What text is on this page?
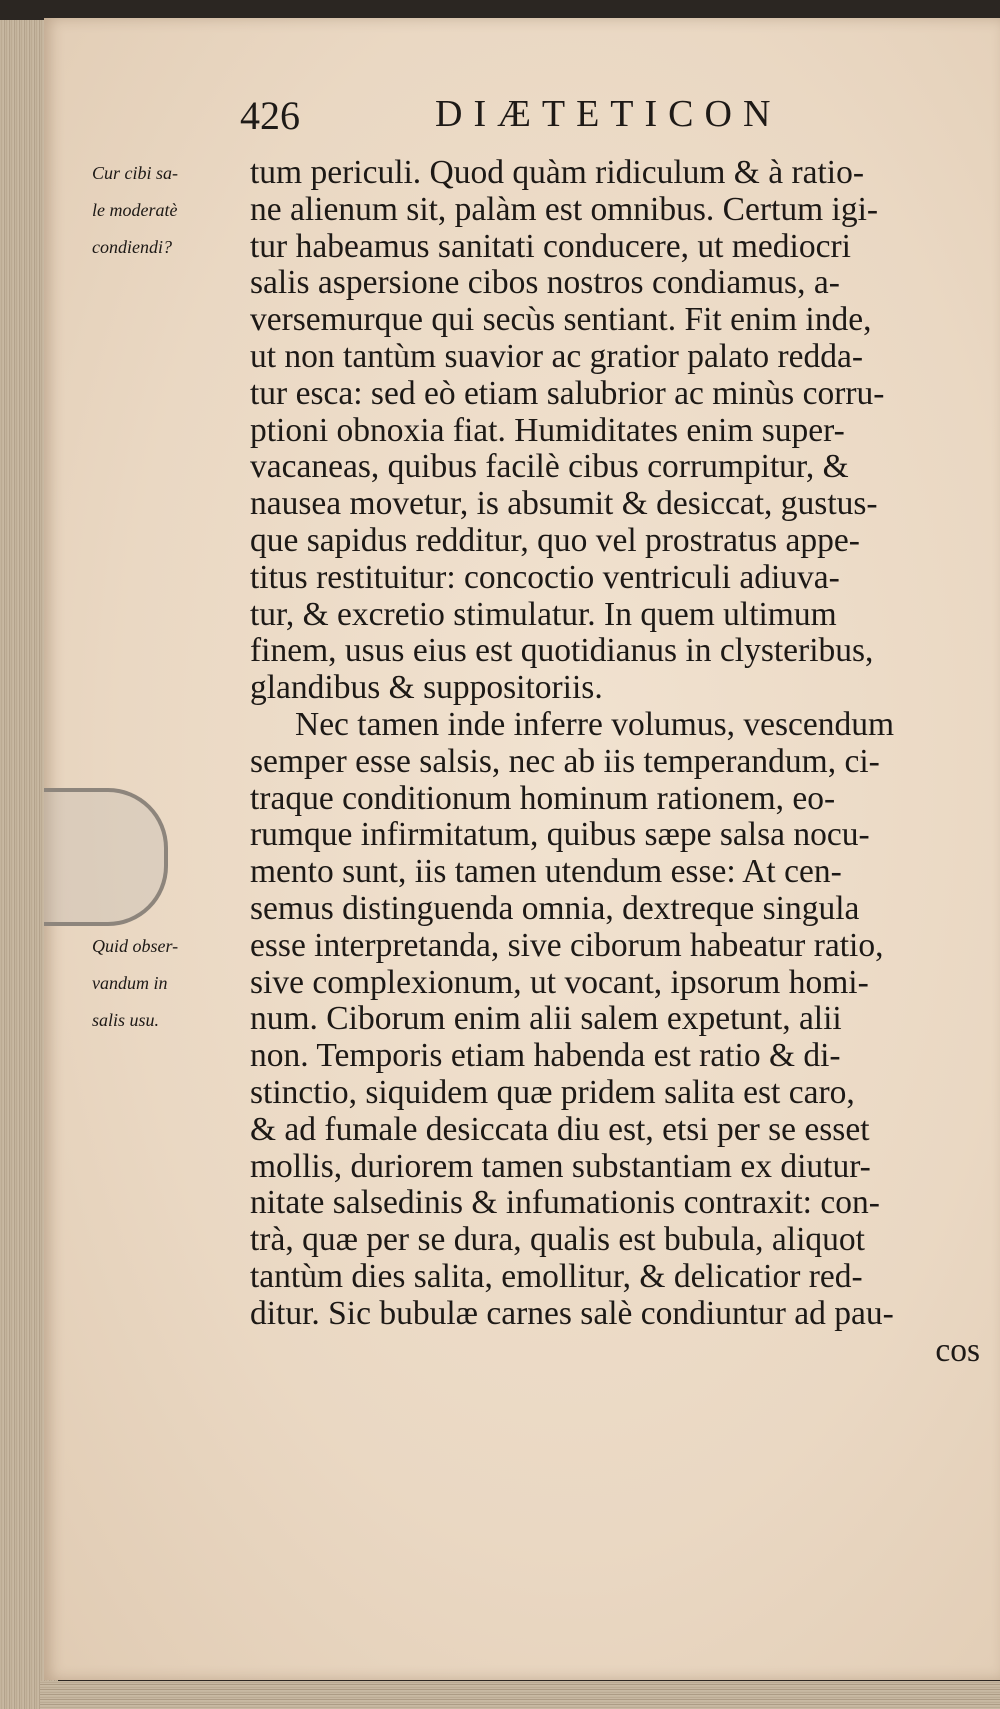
426	DIÆTETICON
Cur cibi sa-
le moderatè
condiendi?
Quid obser-
vandum in
salis usu.
tum periculi. Quod quàm ridiculum & à ratio-
ne alienum sit, palàm est omnibus. Certum igi-
tur habeamus sanitati conducere, ut mediocri
salis aspersione cibos nostros condiamus, a-
versemurque qui secùs sentiant. Fit enim inde,
ut non tantùm suavior ac gratior palato redda-
tur esca: sed eò etiam salubrior ac minùs corru-
ptioni obnoxia fiat. Humiditates enim super-
vacaneas, quibus facilè cibus corrumpitur, &
nausea movetur, is absumit & desiccat, gustus-
que sapidus redditur, quo vel prostratus appe-
titus restituitur: concoctio ventriculi adiuva-
tur, & excretio stimulatur. In quem ultimum
finem, usus eius est quotidianus in clysteribus,
glandibus & suppositoriis.
Nec tamen inde inferre volumus, vescendum
semper esse salsis, nec ab iis temperandum, ci-
traque conditionum hominum rationem, eo-
rumque infirmitatum, quibus sæpe salsa nocu-
mento sunt, iis tamen utendum esse: At cen-
semus distinguenda omnia, dextreque singula
esse interpretanda, sive ciborum habeatur ratio,
sive complexionum, ut vocant, ipsorum homi-
num. Ciborum enim alii salem expetunt, alii
non. Temporis etiam habenda est ratio & di-
stinctio, siquidem quæ pridem salita est caro,
& ad fumale desiccata diu est, etsi per se esset
mollis, duriorem tamen substantiam ex diutur-
nitate salsedinis & infumationis contraxit: con-
trà, quæ per se dura, qualis est bubula, aliquot
tantùm dies salita, emollitur, & delicatior red-
ditur. Sic bubulæ carnes salè condiuntur ad pau-
cos
